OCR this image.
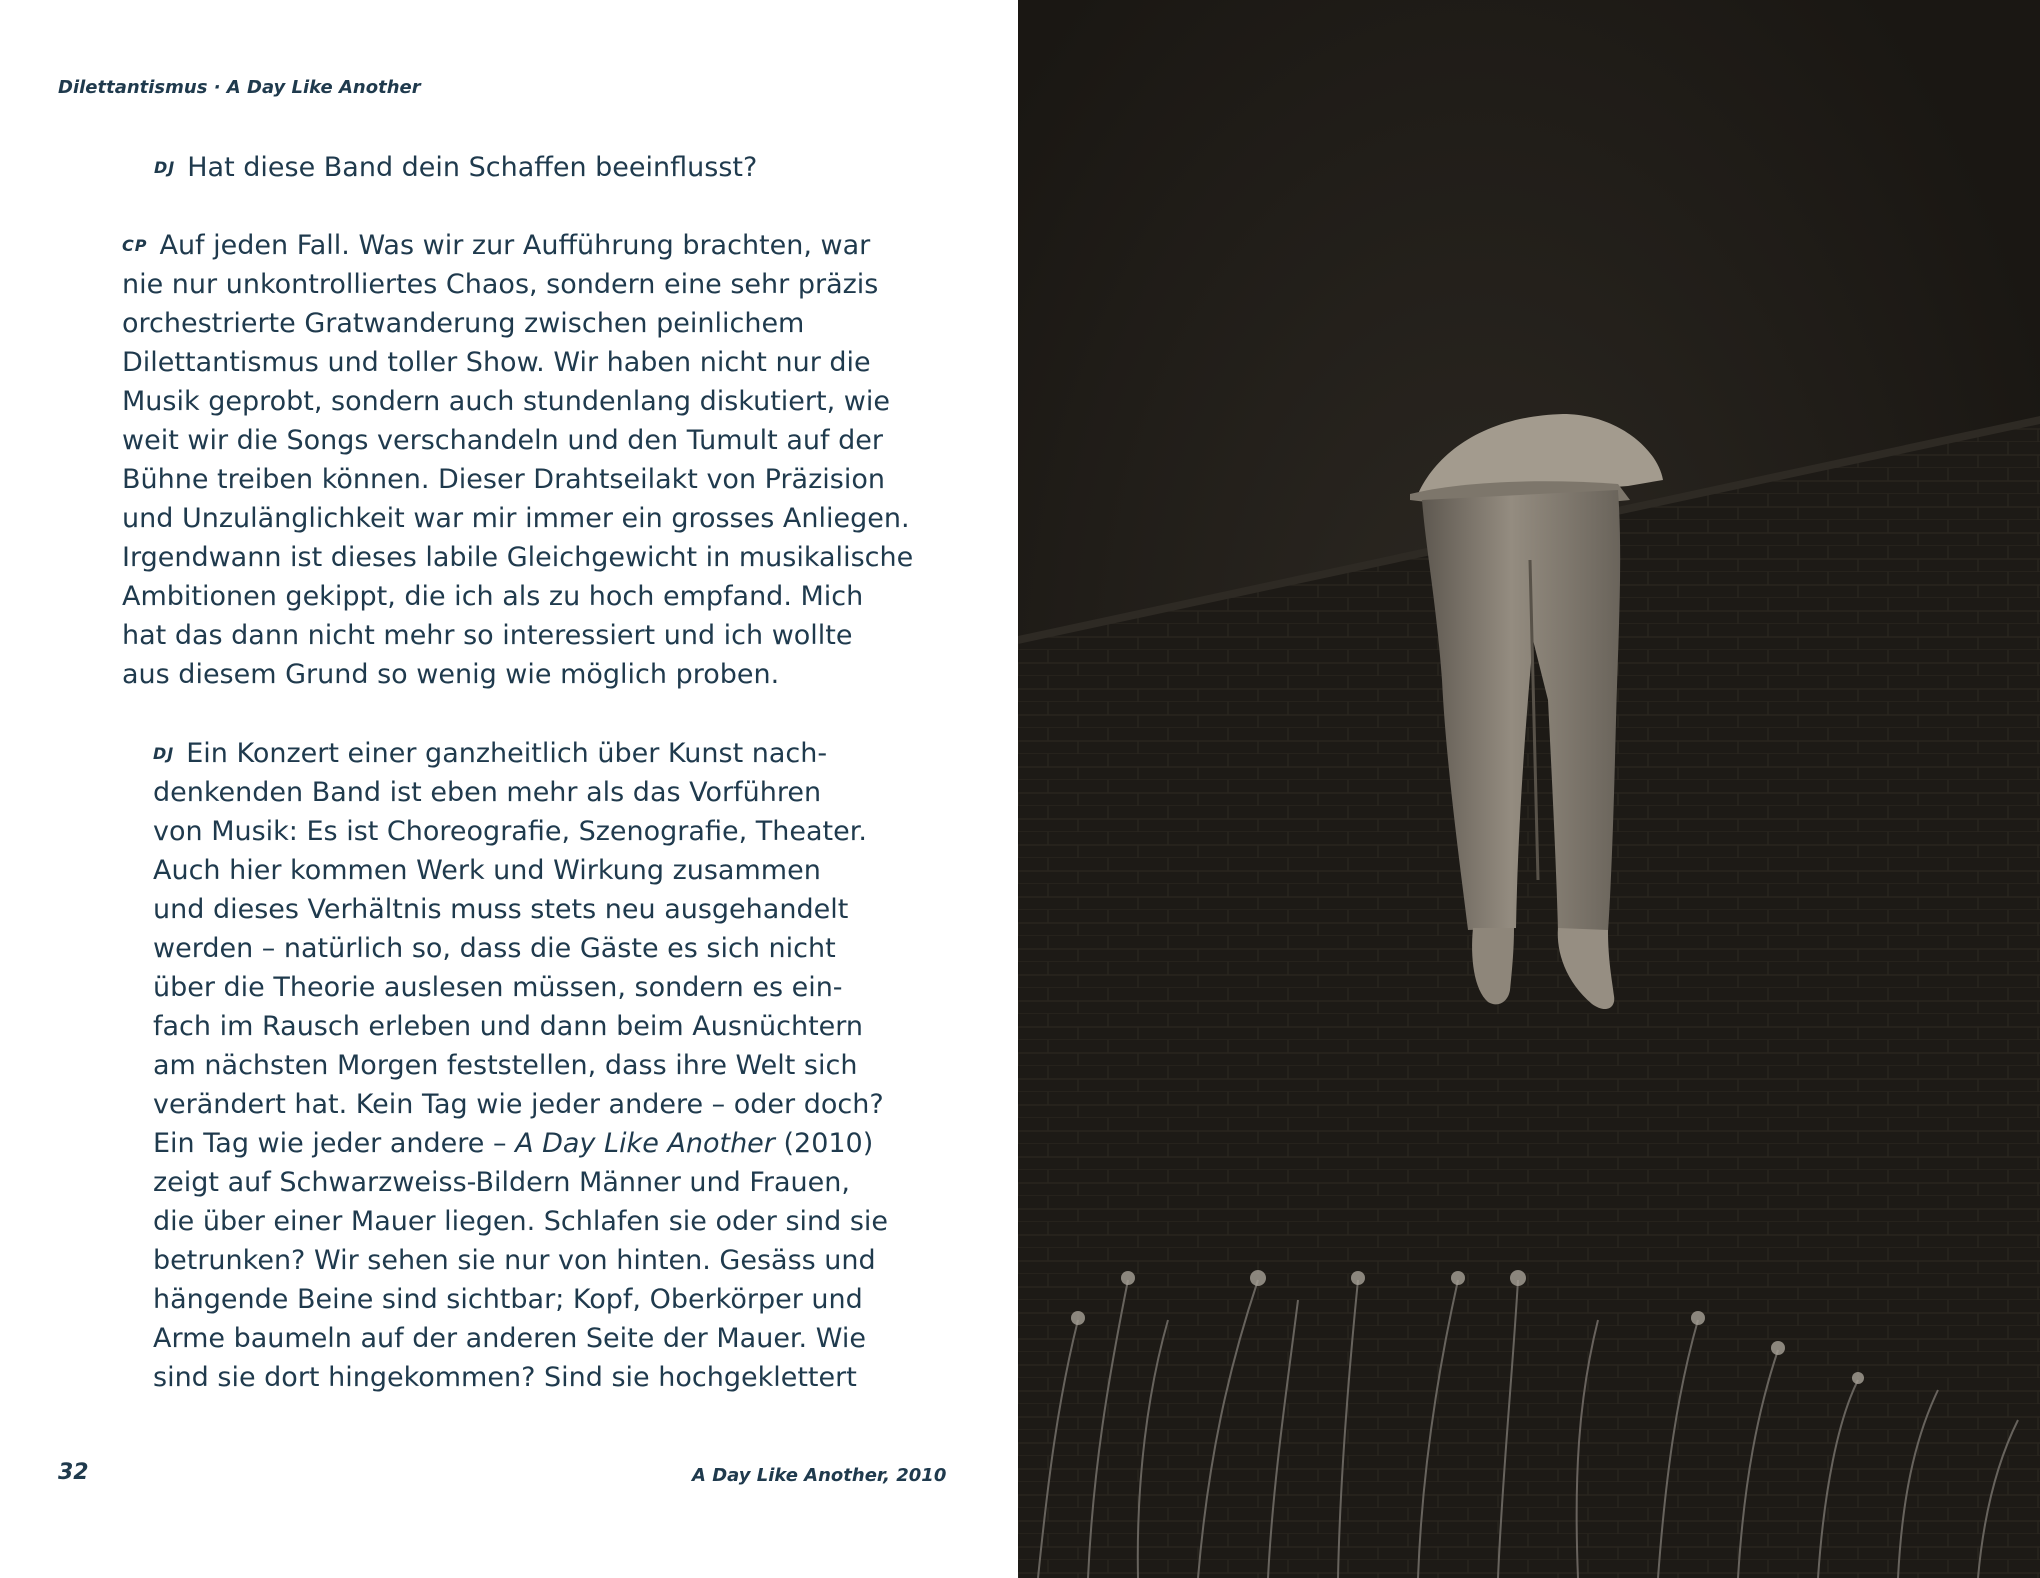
Dilettantismus · A Day Like Another
DJ Hat diese Band dein Schaffen beeinflusst?
CP Auf jeden Fall. Was wir zur Aufführung brachten, war
nie nur unkontrolliertes Chaos, sondern eine sehr präzis
orchestrierte Gratwanderung zwischen peinlichem
Dilettantismus und toller Show. Wir haben nicht nur die
Musik geprobt, sondern auch stundenlang diskutiert, wie
weit wir die Songs verschandeln und den Tumult auf der
Bühne treiben können. Dieser Drahtseilakt von Präzision
und Unzulänglichkeit war mir immer ein grosses Anliegen.
Irgendwann ist dieses labile Gleichgewicht in musikalische
Ambitionen gekippt, die ich als zu hoch empfand. Mich
hat das dann nicht mehr so interessiert und ich wollte
aus diesem Grund so wenig wie möglich proben.
DJ Ein Konzert einer ganzheitlich über Kunst nach-
denkenden Band ist eben mehr als das Vorführen
von Musik: Es ist Choreografie, Szenografie, Theater.
Auch hier kommen Werk und Wirkung zusammen
und dieses Verhältnis muss stets neu ausgehandelt
werden – natürlich so, dass die Gäste es sich nicht
über die Theorie auslesen müssen, sondern es ein-
fach im Rausch erleben und dann beim Ausnüchtern
am nächsten Morgen feststellen, dass ihre Welt sich
verändert hat. Kein Tag wie jeder andere – oder doch?
Ein Tag wie jeder andere – A Day Like Another (2010)
zeigt auf Schwarzweiss-Bildern Männer und Frauen,
die über einer Mauer liegen. Schlafen sie oder sind sie
betrunken? Wir sehen sie nur von hinten. Gesäss und
hängende Beine sind sichtbar; Kopf, Oberkörper und
Arme baumeln auf der anderen Seite der Mauer. Wie
sind sie dort hingekommen? Sind sie hochgeklettert
32	A Day Like Another, 2010
